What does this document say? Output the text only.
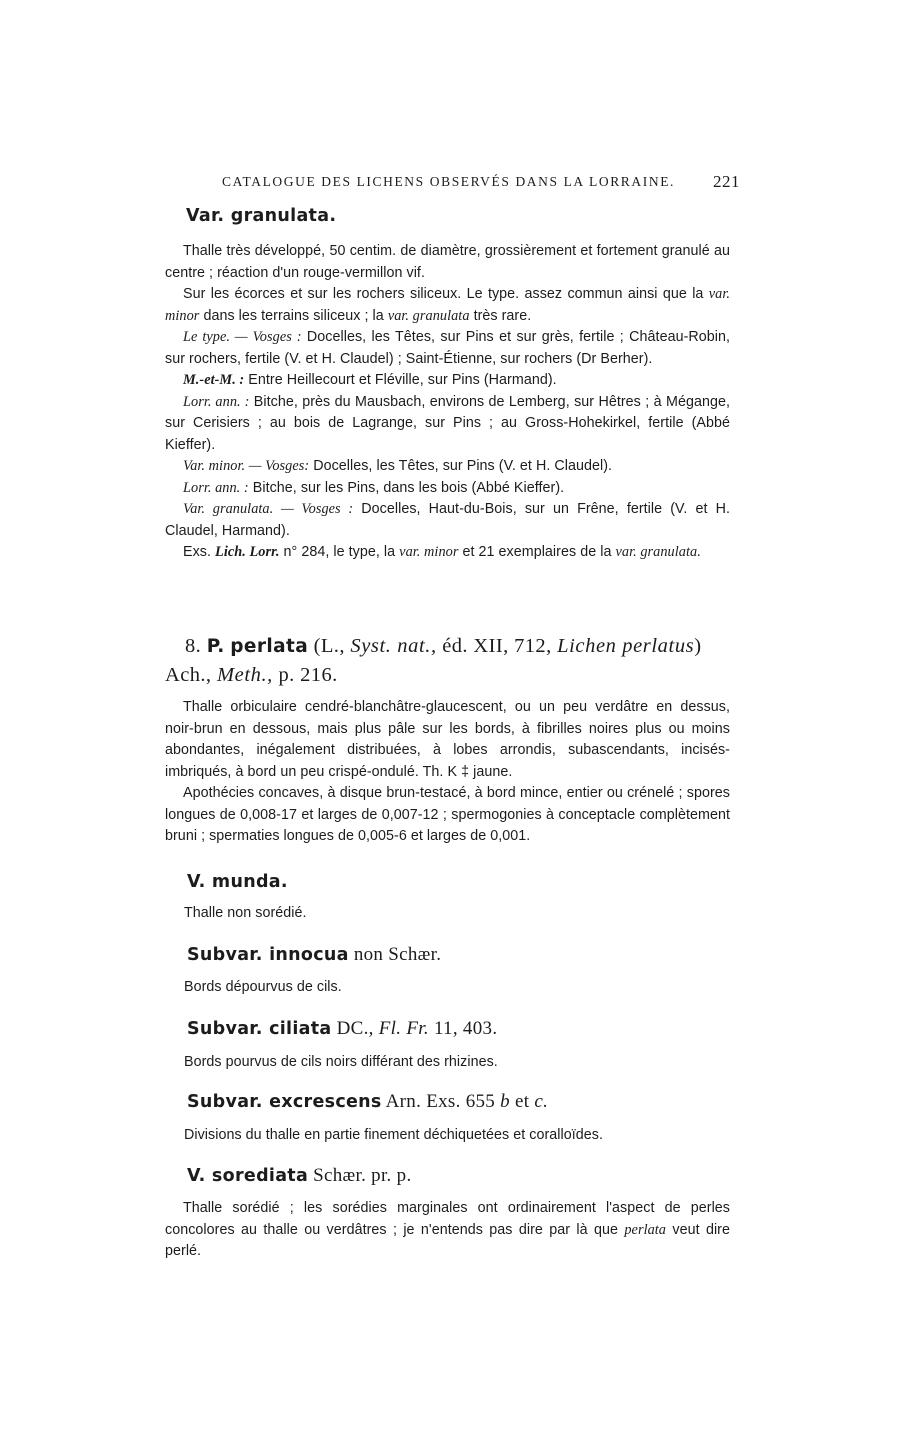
CATALOGUE DES LICHENS OBSERVÉS DANS LA LORRAINE. 221
Var. granulata.
Thalle très développé, 50 centim. de diamètre, grossièrement et fortement granulé au centre ; réaction d'un rouge-vermillon vif.
Sur les écorces et sur les rochers siliceux. Le type. assez commun ainsi que la var. minor dans les terrains siliceux ; la var. granulata très rare.
Le type. — Vosges : Docelles, les Têtes, sur Pins et sur grès, fertile ; Château-Robin, sur rochers, fertile (V. et H. Claudel) ; Saint-Étienne, sur rochers (Dr Berher).
M.-et-M. : Entre Heillecourt et Fléville, sur Pins (Harmand).
Lorr. ann. : Bitche, près du Mausbach, environs de Lemberg, sur Hêtres ; à Mégange, sur Cerisiers ; au bois de Lagrange, sur Pins ; au Gross-Hohekirkel, fertile (Abbé Kieffer).
Var. minor. — Vosges: Docelles, les Têtes, sur Pins (V. et H. Claudel).
Lorr. ann. : Bitche, sur les Pins, dans les bois (Abbé Kieffer).
Var. granulata. — Vosges : Docelles, Haut-du-Bois, sur un Frêne, fertile (V. et H. Claudel, Harmand).
Exs. Lich. Lorr. n° 284, le type, la var. minor et 21 exemplaires de la var. granulata.
8. P. perlata (L., Syst. nat., éd. XII, 712, Lichen perlatus) Ach., Meth., p. 216.
Thalle orbiculaire cendré-blanchâtre-glaucescent, ou un peu verdâtre en dessus, noir-brun en dessous, mais plus pâle sur les bords, à fibrilles noires plus ou moins abondantes, inégalement distribuées, à lobes arrondis, subascendants, incisés-imbriqués, à bord un peu crispé-ondulé. Th. K ‡ jaune.
Apothécies concaves, à disque brun-testacé, à bord mince, entier ou crénelé ; spores longues de 0,008-17 et larges de 0,007-12 ; spermogonies à conceptacle complètement bruni ; spermaties longues de 0,005-6 et larges de 0,001.
V. munda.
Thalle non sorédié.
Subvar. innocua non Schær.
Bords dépourvus de cils.
Subvar. ciliata DC., Fl. Fr. 11, 403.
Bords pourvus de cils noirs différant des rhizines.
Subvar. excrescens Arn. Exs. 655 b et c.
Divisions du thalle en partie finement déchiquetées et coralloïdes.
V. sorediata Schær. pr. p.
Thalle sorédié ; les sorédies marginales ont ordinairement l'aspect de perles concolores au thalle ou verdâtres ; je n'entends pas dire par là que perlata veut dire perlé.
